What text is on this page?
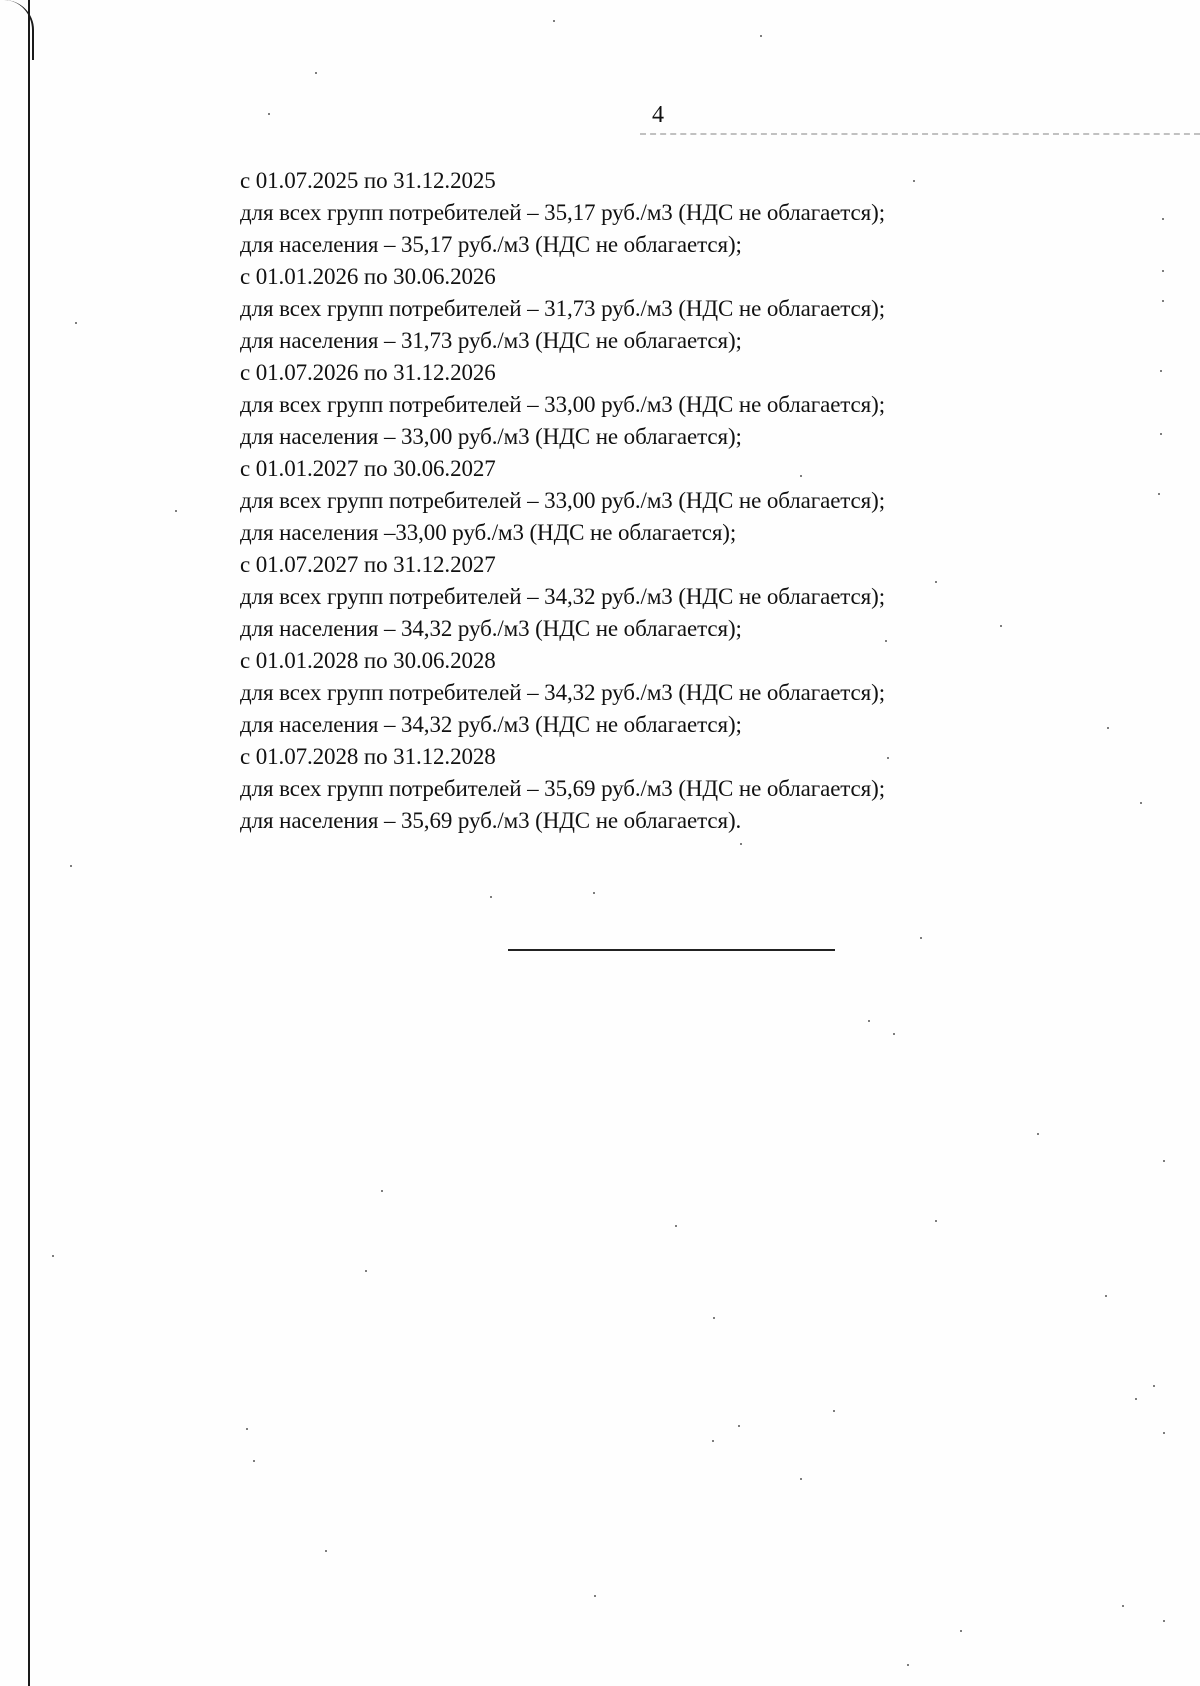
4
с 01.07.2025 по 31.12.2025
для всех групп потребителей – 35,17 руб./м3 (НДС не облагается);
для населения – 35,17 руб./м3 (НДС не облагается);
с 01.01.2026 по 30.06.2026
для всех групп потребителей – 31,73 руб./м3 (НДС не облагается);
для населения – 31,73 руб./м3 (НДС не облагается);
с 01.07.2026 по 31.12.2026
для всех групп потребителей – 33,00 руб./м3 (НДС не облагается);
для населения – 33,00 руб./м3 (НДС не облагается);
с 01.01.2027 по 30.06.2027
для всех групп потребителей – 33,00 руб./м3 (НДС не облагается);
для населения –33,00 руб./м3 (НДС не облагается);
с 01.07.2027 по 31.12.2027
для всех групп потребителей – 34,32 руб./м3 (НДС не облагается);
для населения – 34,32 руб./м3 (НДС не облагается);
с 01.01.2028 по 30.06.2028
для всех групп потребителей – 34,32 руб./м3 (НДС не облагается);
для населения – 34,32 руб./м3 (НДС не облагается);
с 01.07.2028 по 31.12.2028
для всех групп потребителей – 35,69 руб./м3 (НДС не облагается);
для населения – 35,69 руб./м3 (НДС не облагается).
